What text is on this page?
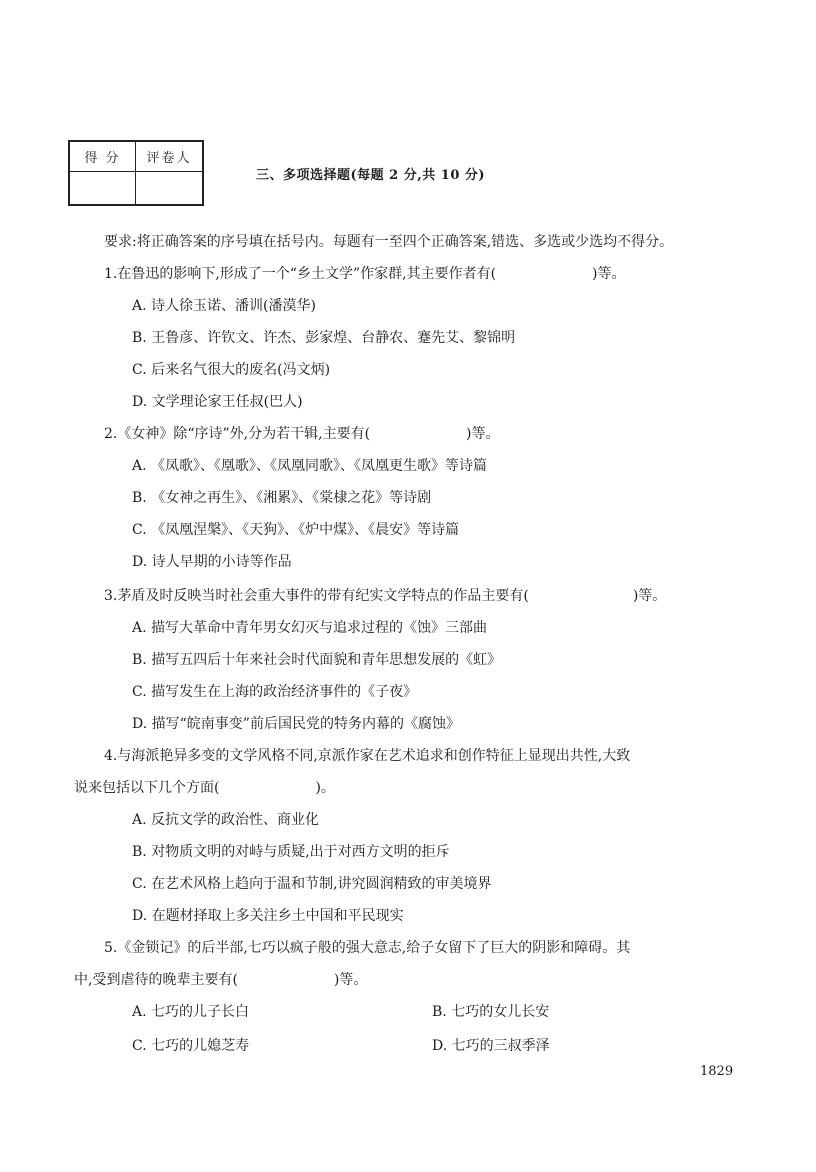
得 分	评卷人
三、多项选择题(每题 2 分,共 10 分)
要求:将正确答案的序号填在括号内。每题有一至四个正确答案,错选、多选或少选均不得分。
1.在鲁迅的影响下,形成了一个“乡土文学”作家群,其主要作者有(	)等。
A. 诗人徐玉诺、潘训(潘漠华)
B. 王鲁彦、许钦文、许杰、彭家煌、台静农、蹇先艾、黎锦明
C. 后来名气很大的废名(冯文炳)
D. 文学理论家王任叔(巴人)
2.《女神》除“序诗”外,分为若干辑,主要有(	)等。
A. 《凤歌》、《凰歌》、《凤凰同歌》、《凤凰更生歌》等诗篇
B. 《女神之再生》、《湘累》、《棠棣之花》等诗剧
C. 《凤凰涅槃》、《天狗》、《炉中煤》、《晨安》等诗篇
D. 诗人早期的小诗等作品
3.茅盾及时反映当时社会重大事件的带有纪实文学特点的作品主要有(	)等。
A. 描写大革命中青年男女幻灭与追求过程的《蚀》三部曲
B. 描写五四后十年来社会时代面貌和青年思想发展的《虹》
C. 描写发生在上海的政治经济事件的《子夜》
D. 描写“皖南事变”前后国民党的特务内幕的《腐蚀》
4.与海派艳异多变的文学风格不同,京派作家在艺术追求和创作特征上显现出共性,大致
说来包括以下几个方面(	)。
A. 反抗文学的政治性、商业化
B. 对物质文明的对峙与质疑,出于对西方文明的拒斥
C. 在艺术风格上趋向于温和节制,讲究圆润精致的审美境界
D. 在题材择取上多关注乡土中国和平民现实
5.《金锁记》的后半部,七巧以疯子般的强大意志,给子女留下了巨大的阴影和障碍。其
中,受到虐待的晚辈主要有(	)等。
A. 七巧的儿子长白	B. 七巧的女儿长安
C. 七巧的儿媳芝寿	D. 七巧的三叔季泽
1829
